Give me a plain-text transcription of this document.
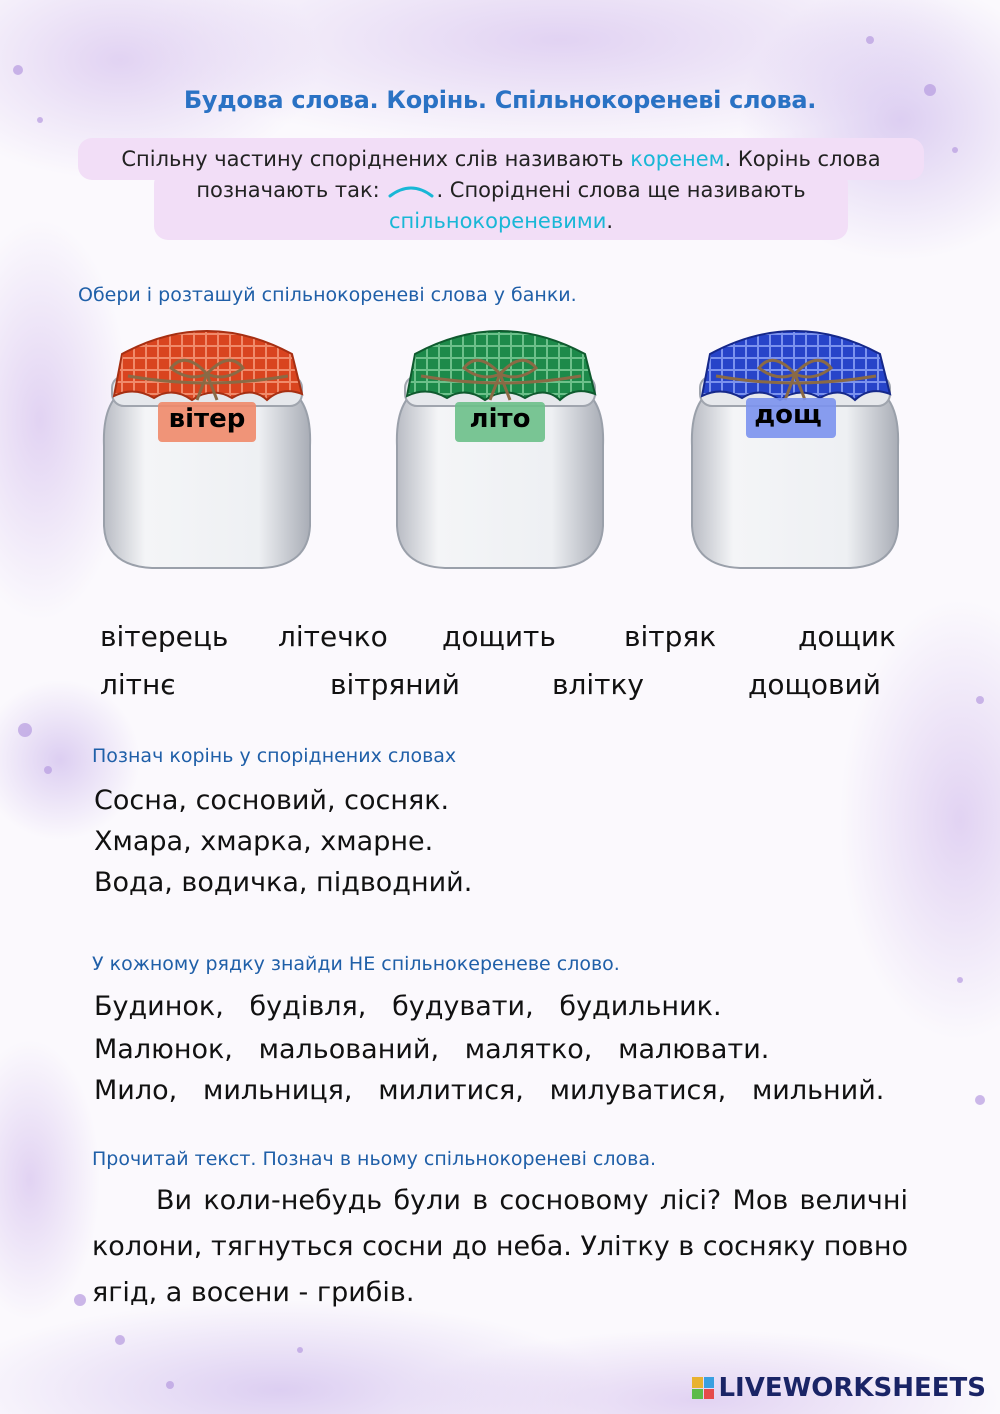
Будова слова. Корінь. Спільнокореневі слова.
Спільну частину споріднених слів називають коренем. Корінь слова
позначають так: . Споріднені слова ще називають
спільнокореневими.
Обери і розташуй спільнокореневі слова у банки.
вітер	літо	дощ
вітерець літечко дощить вітряк	дощик
літнє	вітряний	влітку	дощовий
Познач корінь у споріднених словах
Сосна, сосновий, сосняк.
Хмара, хмарка, хмарне.
Вода, водичка, підводний.
У кожному рядку знайди НЕ спільнокереневе слово.
Будинок, будівля, будувати, будильник.
Малюнок, мальований, малятко, малювати.
Мило, мильниця, милитися, милуватися, мильний.
Прочитай текст. Познач в ньому спільнокореневі слова.
Ви коли-небудь були в сосновому лісі? Мов величні колони, тягнуться сосни до неба. Улітку в сосняку повно ягід, а восени - грибів.
LIVEWORKSHEETS
